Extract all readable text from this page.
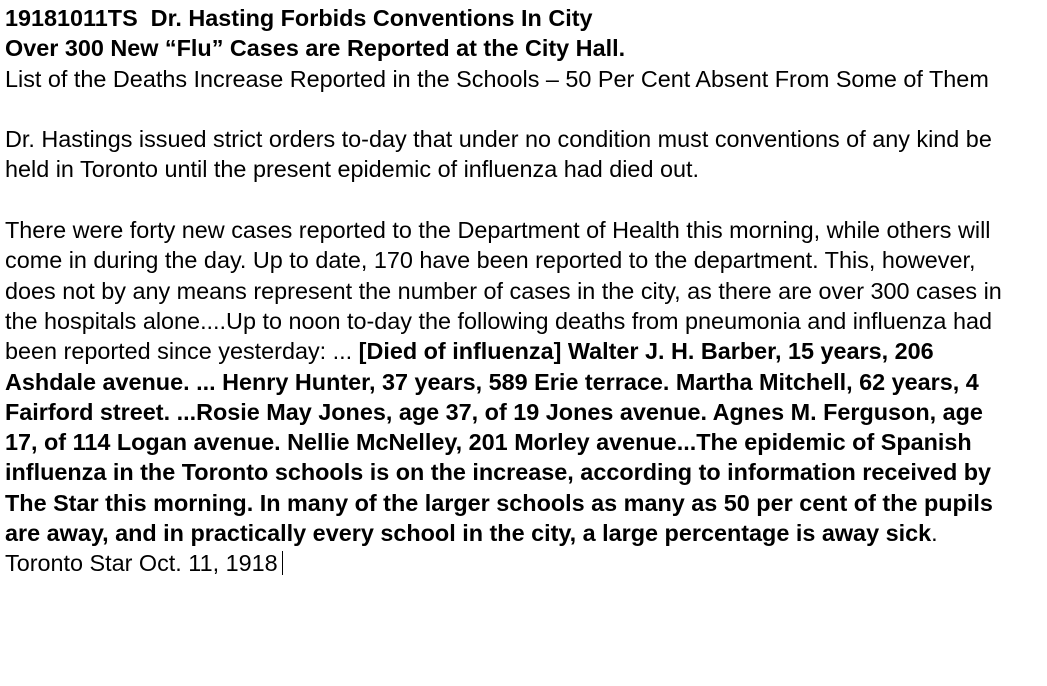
19181011TS Dr. Hasting Forbids Conventions In City

Over 300 New “Flu” Cases are Reported at the City Hall.

List of the Deaths Increase Reported in the Schools – 50 Per Cent Absent From Some of Them

Dr. Hastings issued strict orders to-day that under no condition must conventions of any kind be held in Toronto until the present epidemic of influenza had died out.

There were forty new cases reported to the Department of Health this morning, while others will come in during the day. Up to date, 170 have been reported to the department. This, however, does not by any means represent the number of cases in the city, as there are over 300 cases in the hospitals alone....Up to noon to-day the following deaths from pneumonia and influenza had been reported since yesterday: ... [Died of influenza] Walter J. H. Barber, 15 years, 206 Ashdale avenue. ... Henry Hunter, 37 years, 589 Erie terrace. Martha Mitchell, 62 years, 4 Fairford street. ...Rosie May Jones, age 37, of 19 Jones avenue. Agnes M. Ferguson, age 17, of 114 Logan avenue. Nellie McNelley, 201 Morley avenue...The epidemic of Spanish influenza in the Toronto schools is on the increase, according to information received by The Star this morning. In many of the larger schools as many as 50 per cent of the pupils are away, and in practically every school in the city, a large percentage is away sick. Toronto Star Oct. 11, 1918
